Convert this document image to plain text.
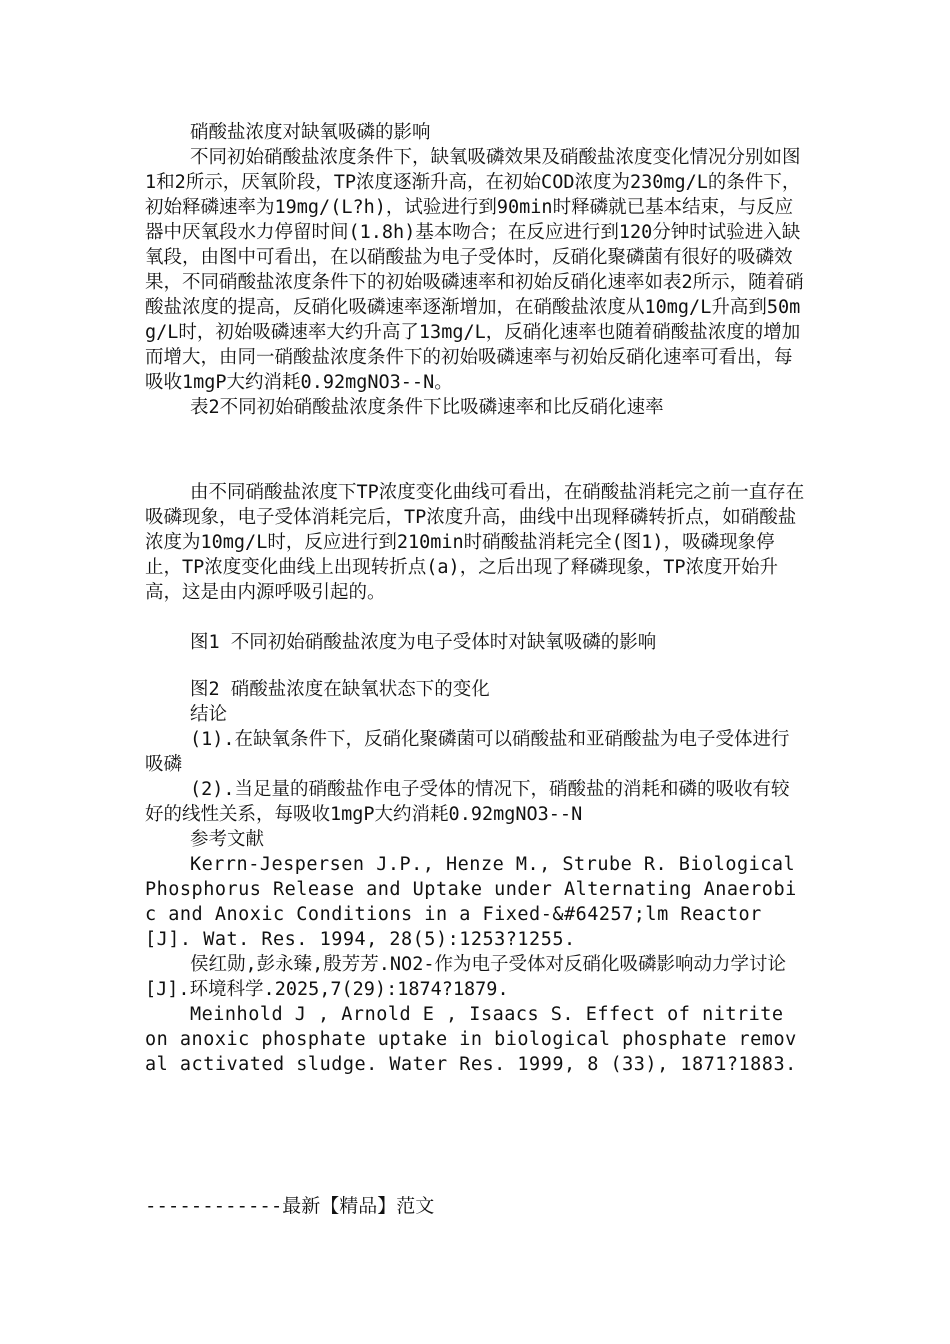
硝酸盐浓度对缺氧吸磷的影响

不同初始硝酸盐浓度条件下，缺氧吸磷效果及硝酸盐浓度变化情况分别如图1和2所示，厌氧阶段，TP浓度逐渐升高，在初始COD浓度为230mg/L的条件下，初始释磷速率为19mg/(L?h)，试验进行到90min时释磷就已基本结束，与反应器中厌氧段水力停留时间(1.8h)基本吻合；在反应进行到120分钟时试验进入缺氧段，由图中可看出，在以硝酸盐为电子受体时，反硝化聚磷菌有很好的吸磷效果，不同硝酸盐浓度条件下的初始吸磷速率和初始反硝化速率如表2所示，随着硝酸盐浓度的提高，反硝化吸磷速率逐渐增加，在硝酸盐浓度从10mg/L升高到50mg/L时，初始吸磷速率大约升高了13mg/L，反硝化速率也随着硝酸盐浓度的增加而增大，由同一硝酸盐浓度条件下的初始吸磷速率与初始反硝化速率可看出，每吸收1mgP大约消耗0.92mgNO3--N。

表2不同初始硝酸盐浓度条件下比吸磷速率和比反硝化速率

由不同硝酸盐浓度下TP浓度变化曲线可看出，在硝酸盐消耗完之前一直存在吸磷现象，电子受体消耗完后，TP浓度升高，曲线中出现释磷转折点，如硝酸盐浓度为10mg/L时，反应进行到210min时硝酸盐消耗完全(图1)，吸磷现象停止，TP浓度变化曲线上出现转折点(a)，之后出现了释磷现象，TP浓度开始升高，这是由内源呼吸引起的。

图1 不同初始硝酸盐浓度为电子受体时对缺氧吸磷的影响

图2 硝酸盐浓度在缺氧状态下的变化

结论

(1).在缺氧条件下，反硝化聚磷菌可以硝酸盐和亚硝酸盐为电子受体进行吸磷

(2).当足量的硝酸盐作电子受体的情况下，硝酸盐的消耗和磷的吸收有较好的线性关系，每吸收1mgP大约消耗0.92mgNO3--N

参考文献

Kerrn-Jespersen J.P., Henze M., Strube R. Biological Phosphorus Release and Uptake under Alternating Anaerobic and Anoxic Conditions in a Fixed-&#64257;lm Reactor[J]. Wat. Res. 1994, 28(5):1253?1255.

侯红勋,彭永臻,殷芳芳.NO2-作为电子受体对反硝化吸磷影响动力学讨论[J].环境科学.2025,7(29):1874?1879.

Meinhold J , Arnold E , Isaacs S. Effect of nitrite on anoxic phosphate uptake in biological phosphate removal activated sludge. Water Res. 1999, 8 (33), 1871?1883.

------------最新【精品】范文
